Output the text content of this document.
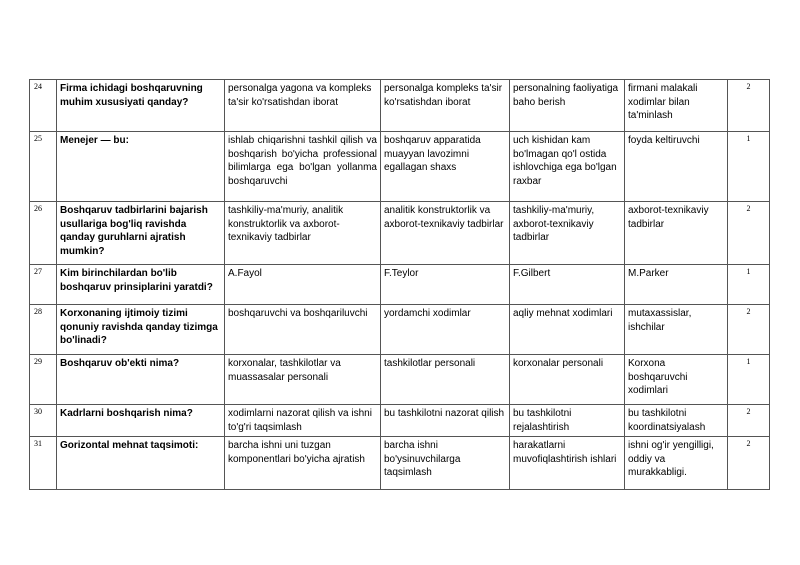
24	Firma ichidagi boshqaruvning muhim xususiyati qanday?	personalga yagona va kompleks ta'sir ko'rsatishdan iborat	personalga kompleks ta'sir ko'rsatishdan iborat	personalning faoliyatiga baho berish	firmani malakali xodimlar bilan ta'minlash	2
25	Menejer — bu:	ishlab chiqarishni tashkil qilish va boshqarish bo'yicha professional bilimlarga ega bo'lgan yollanma boshqaruvchi	boshqaruv apparatida muayyan lavozimni egallagan shaxs	uch kishidan kam bo'lmagan qo'l ostida ishlovchiga ega bo'lgan raxbar	foyda keltiruvchi	1
26	Boshqaruv tadbirlarini bajarish usullariga bog'liq ravishda qanday guruhlarni ajratish mumkin?	tashkiliy-ma'muriy, analitik konstruktorlik va axborot-texnikaviy tadbirlar	analitik konstruktorlik va axborot-texnikaviy tadbirlar	tashkiliy-ma'muriy, axborot-texnikaviy tadbirlar	axborot-texnikaviy tadbirlar	2
27	Kim birinchilardan bo'lib boshqaruv prinsiplarini yaratdi?	A.Fayol	F.Teylor	F.Gilbert	M.Parker	1
28	Korxonaning ijtimoiy tizimi qonuniy ravishda qanday tizimga bo'linadi?	boshqaruvchi va boshqariluvchi	yordamchi xodimlar	aqliy mehnat xodimlari	mutaxassislar, ishchilar	2
29	Boshqaruv ob'ekti nima?	korxonalar, tashkilotlar va muassasalar personali	tashkilotlar personali	korxonalar personali	Korxona boshqaruvchi xodimlari	1
30	Kadrlarni boshqarish nima?	xodimlarni nazorat qilish va ishni to'g'ri taqsimlash	bu tashkilotni nazorat qilish	bu tashkilotni rejalashtirish	bu tashkilotni koordinatsiyalash	2
31	Gorizontal mehnat taqsimoti:	barcha ishni uni tuzgan komponentlari bo'yicha ajratish	barcha ishni bo'ysinuvchilarga taqsimlash	harakatlarni muvofiqlashtirish ishlari	ishni og'ir yengilligi, oddiy va murakkabligi.	2
